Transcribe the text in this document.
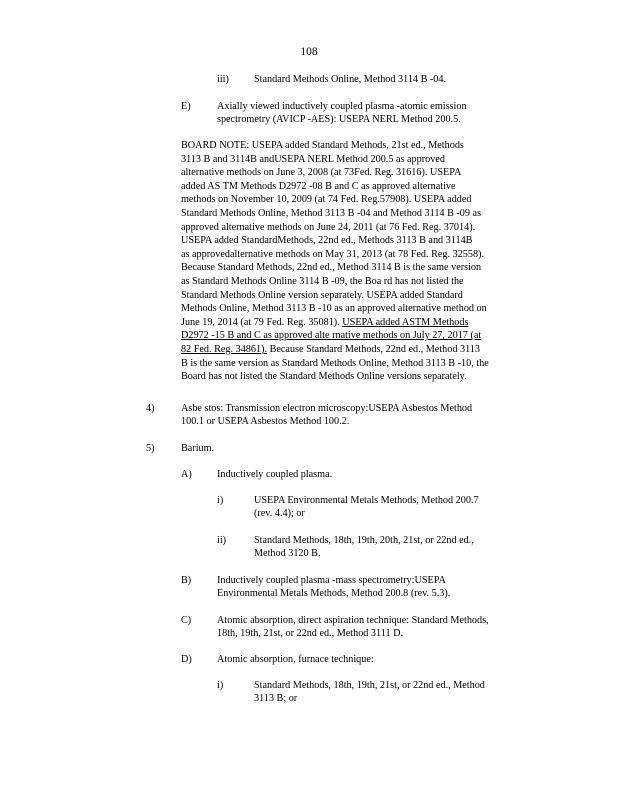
108
iii) Standard Methods Online, Method 3114 B -04.
E)	Axially viewed inductively coupled plasma -atomic emission
spectrometry (AVICP -AES): USEPA NERL Method 200.5.
BOARD NOTE: USEPA added Standard Methods, 21st ed., Methods
3113 B and 3114B andUSEPA NERL Method 200.5 as approved
alternative methods on June 3, 2008 (at 73Fed. Reg. 31616). USEPA
added AS TM Methods D2972 -08 B and C as approved alternative
methods on November 10, 2009 (at 74 Fed. Reg.57908). USEPA added
Standard Methods Online, Method 3113 B -04 and Method 3114 B -09 as
approved alternative methods on June 24, 2011 (at 76 Fed. Reg. 37014).
USEPA added StandardMethods, 22nd ed., Methods 3113 B and 3114B
as approvedalternative methods on May 31, 2013 (at 78 Fed. Reg. 32558).
Because Standard Methods, 22nd ed., Method 3114 B is the same version
as Standard Methods Online 3114 B -09, the Boa rd has not listed the
Standard Methods Online version separately. USEPA added Standard
Methods Online, Method 3113 B -10 as an approved alternative method on
June 19, 2014 (at 79 Fed. Reg. 35081). USEPA added ASTM Methods
D2972 -15 B and C as approved alte rnative methods on July 27, 2017 (at
82 Fed. Reg. 34861). Because Standard Methods, 22nd ed., Method 3113
B is the same version as Standard Methods Online, Method 3113 B -10, the
Board has not listed the Standard Methods Online versions separately.
4)	Asbe stos: Transmission electron microscopy:USEPA Asbestos Method
100.1 or USEPA Asbestos Method 100.2.
5)	Barium.
A) Inductively coupled plasma.
i)	USEPA Environmental Metals Methods, Method 200.7
(rev. 4.4); or
ii)	Standard Methods, 18th, 19th, 20th, 21st, or 22nd ed.,
Method 3120 B.
B)	Inductively coupled plasma -mass spectrometry:USEPA
Environmental Metals Methods, Method 200.8 (rev. 5.3).
C)	Atomic absorption, direct aspiration technique: Standard Methods,
18th, 19th, 21st, or 22nd ed., Method 3111 D.
D) Atomic absorption, furnace technique:
i)	Standard Methods, 18th, 19th, 21st, or 22nd ed., Method
3113 B; or
